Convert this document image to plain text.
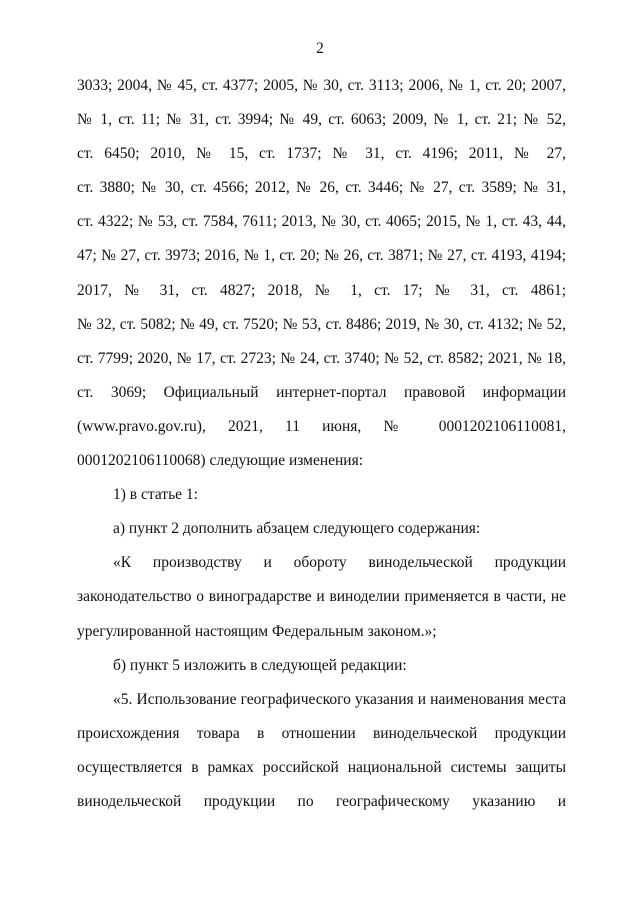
2
3033; 2004, № 45, ст. 4377; 2005, № 30, ст. 3113; 2006, № 1, ст. 20; 2007,
№ 1, ст. 11; № 31, ст. 3994; № 49, ст. 6063; 2009, № 1, ст. 21; № 52,
ст. 6450; 2010, № 15, ст. 1737; № 31, ст. 4196; 2011, № 27,
ст. 3880; № 30, ст. 4566; 2012, № 26, ст. 3446; № 27, ст. 3589; № 31,
ст. 4322; № 53, ст. 7584, 7611; 2013, № 30, ст. 4065; 2015, № 1, ст. 43, 44,
47; № 27, ст. 3973; 2016, № 1, ст. 20; № 26, ст. 3871; № 27, ст. 4193, 4194;
2017, № 31, ст. 4827; 2018, № 1, ст. 17; № 31, ст. 4861;
№ 32, ст. 5082; № 49, ст. 7520; № 53, ст. 8486; 2019, № 30, ст. 4132; № 52,
ст. 7799; 2020, № 17, ст. 2723; № 24, ст. 3740; № 52, ст. 8582; 2021, № 18,
ст. 3069; Официальный интернет-портал правовой информации
(www.pravo.gov.ru), 2021, 11 июня, № 0001202106110081,
0001202106110068) следующие изменения:
1) в статье 1:
а) пункт 2 дополнить абзацем следующего содержания:
«К производству и обороту винодельческой продукции
законодательство о виноградарстве и виноделии применяется в части, не
урегулированной настоящим Федеральным законом.»;
б) пункт 5 изложить в следующей редакции:
«5. Использование географического указания и наименования места
происхождения товара в отношении винодельческой продукции
осуществляется в рамках российской национальной системы защиты
винодельческой продукции по географическому указанию и
